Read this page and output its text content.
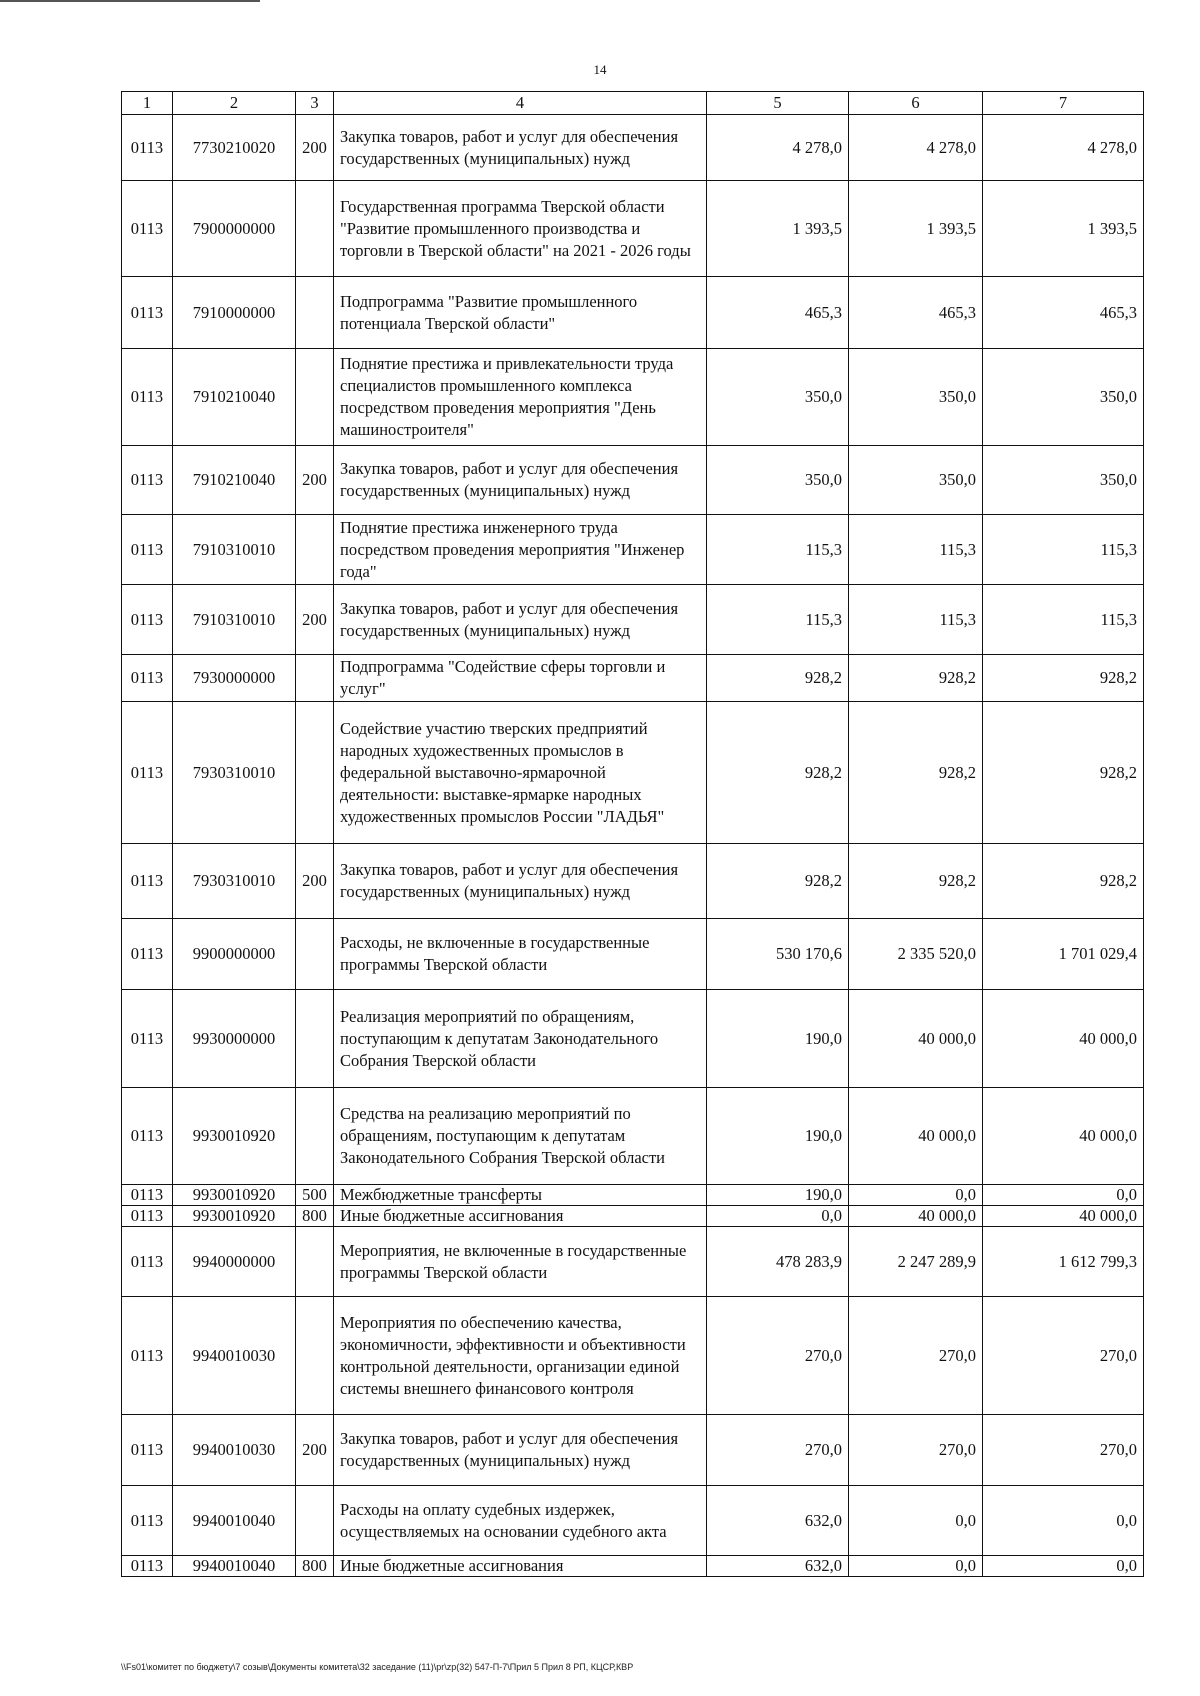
14
1	2	3	4	5	6	7
0113	7730210020	200	Закупка товаров, работ и услуг для обеспечения государственных (муниципальных) нужд	4 278,0	4 278,0	4 278,0
0113	7900000000		Государственная программа Тверской области "Развитие промышленного производства и торговли в Тверской области" на 2021 - 2026 годы	1 393,5	1 393,5	1 393,5
0113	7910000000		Подпрограмма "Развитие промышленного потенциала Тверской области"	465,3	465,3	465,3
0113	7910210040		Поднятие престижа и привлекательности труда специалистов промышленного комплекса посредством проведения мероприятия "День машиностроителя"	350,0	350,0	350,0
0113	7910210040	200	Закупка товаров, работ и услуг для обеспечения государственных (муниципальных) нужд	350,0	350,0	350,0
0113	7910310010		Поднятие престижа инженерного труда посредством проведения мероприятия "Инженер года"	115,3	115,3	115,3
0113	7910310010	200	Закупка товаров, работ и услуг для обеспечения государственных (муниципальных) нужд	115,3	115,3	115,3
0113	7930000000		Подпрограмма "Содействие сферы торговли и услуг"	928,2	928,2	928,2
0113	7930310010		Содействие участию тверских предприятий народных художественных промыслов в федеральной выставочно-ярмарочной деятельности: выставке-ярмарке народных художественных промыслов России "ЛАДЬЯ"	928,2	928,2	928,2
0113	7930310010	200	Закупка товаров, работ и услуг для обеспечения государственных (муниципальных) нужд	928,2	928,2	928,2
0113	9900000000		Расходы, не включенные в государственные программы Тверской области	530 170,6	2 335 520,0	1 701 029,4
0113	9930000000		Реализация мероприятий по обращениям, поступающим к депутатам Законодательного Собрания Тверской области	190,0	40 000,0	40 000,0
0113	9930010920		Средства на реализацию мероприятий по обращениям, поступающим к депутатам Законодательного Собрания Тверской области	190,0	40 000,0	40 000,0
0113	9930010920	500	Межбюджетные трансферты	190,0	0,0	0,0
0113	9930010920	800	Иные бюджетные ассигнования	0,0	40 000,0	40 000,0
0113	9940000000		Мероприятия, не включенные в государственные программы Тверской области	478 283,9	2 247 289,9	1 612 799,3
0113	9940010030		Мероприятия по обеспечению качества, экономичности, эффективности и объективности контрольной деятельности, организации единой системы внешнего финансового контроля	270,0	270,0	270,0
0113	9940010030	200	Закупка товаров, работ и услуг для обеспечения государственных (муниципальных) нужд	270,0	270,0	270,0
0113	9940010040		Расходы на оплату судебных издержек, осуществляемых на основании судебного акта	632,0	0,0	0,0
0113	9940010040	800	Иные бюджетные ассигнования	632,0	0,0	0,0
\\Fs01\комитет по бюджету\7 созыв\Документы комитета\32 заседание (11)\pr\zp(32) 547-П-7\Прил 5 Прил 8 РП, КЦСР,КВР
